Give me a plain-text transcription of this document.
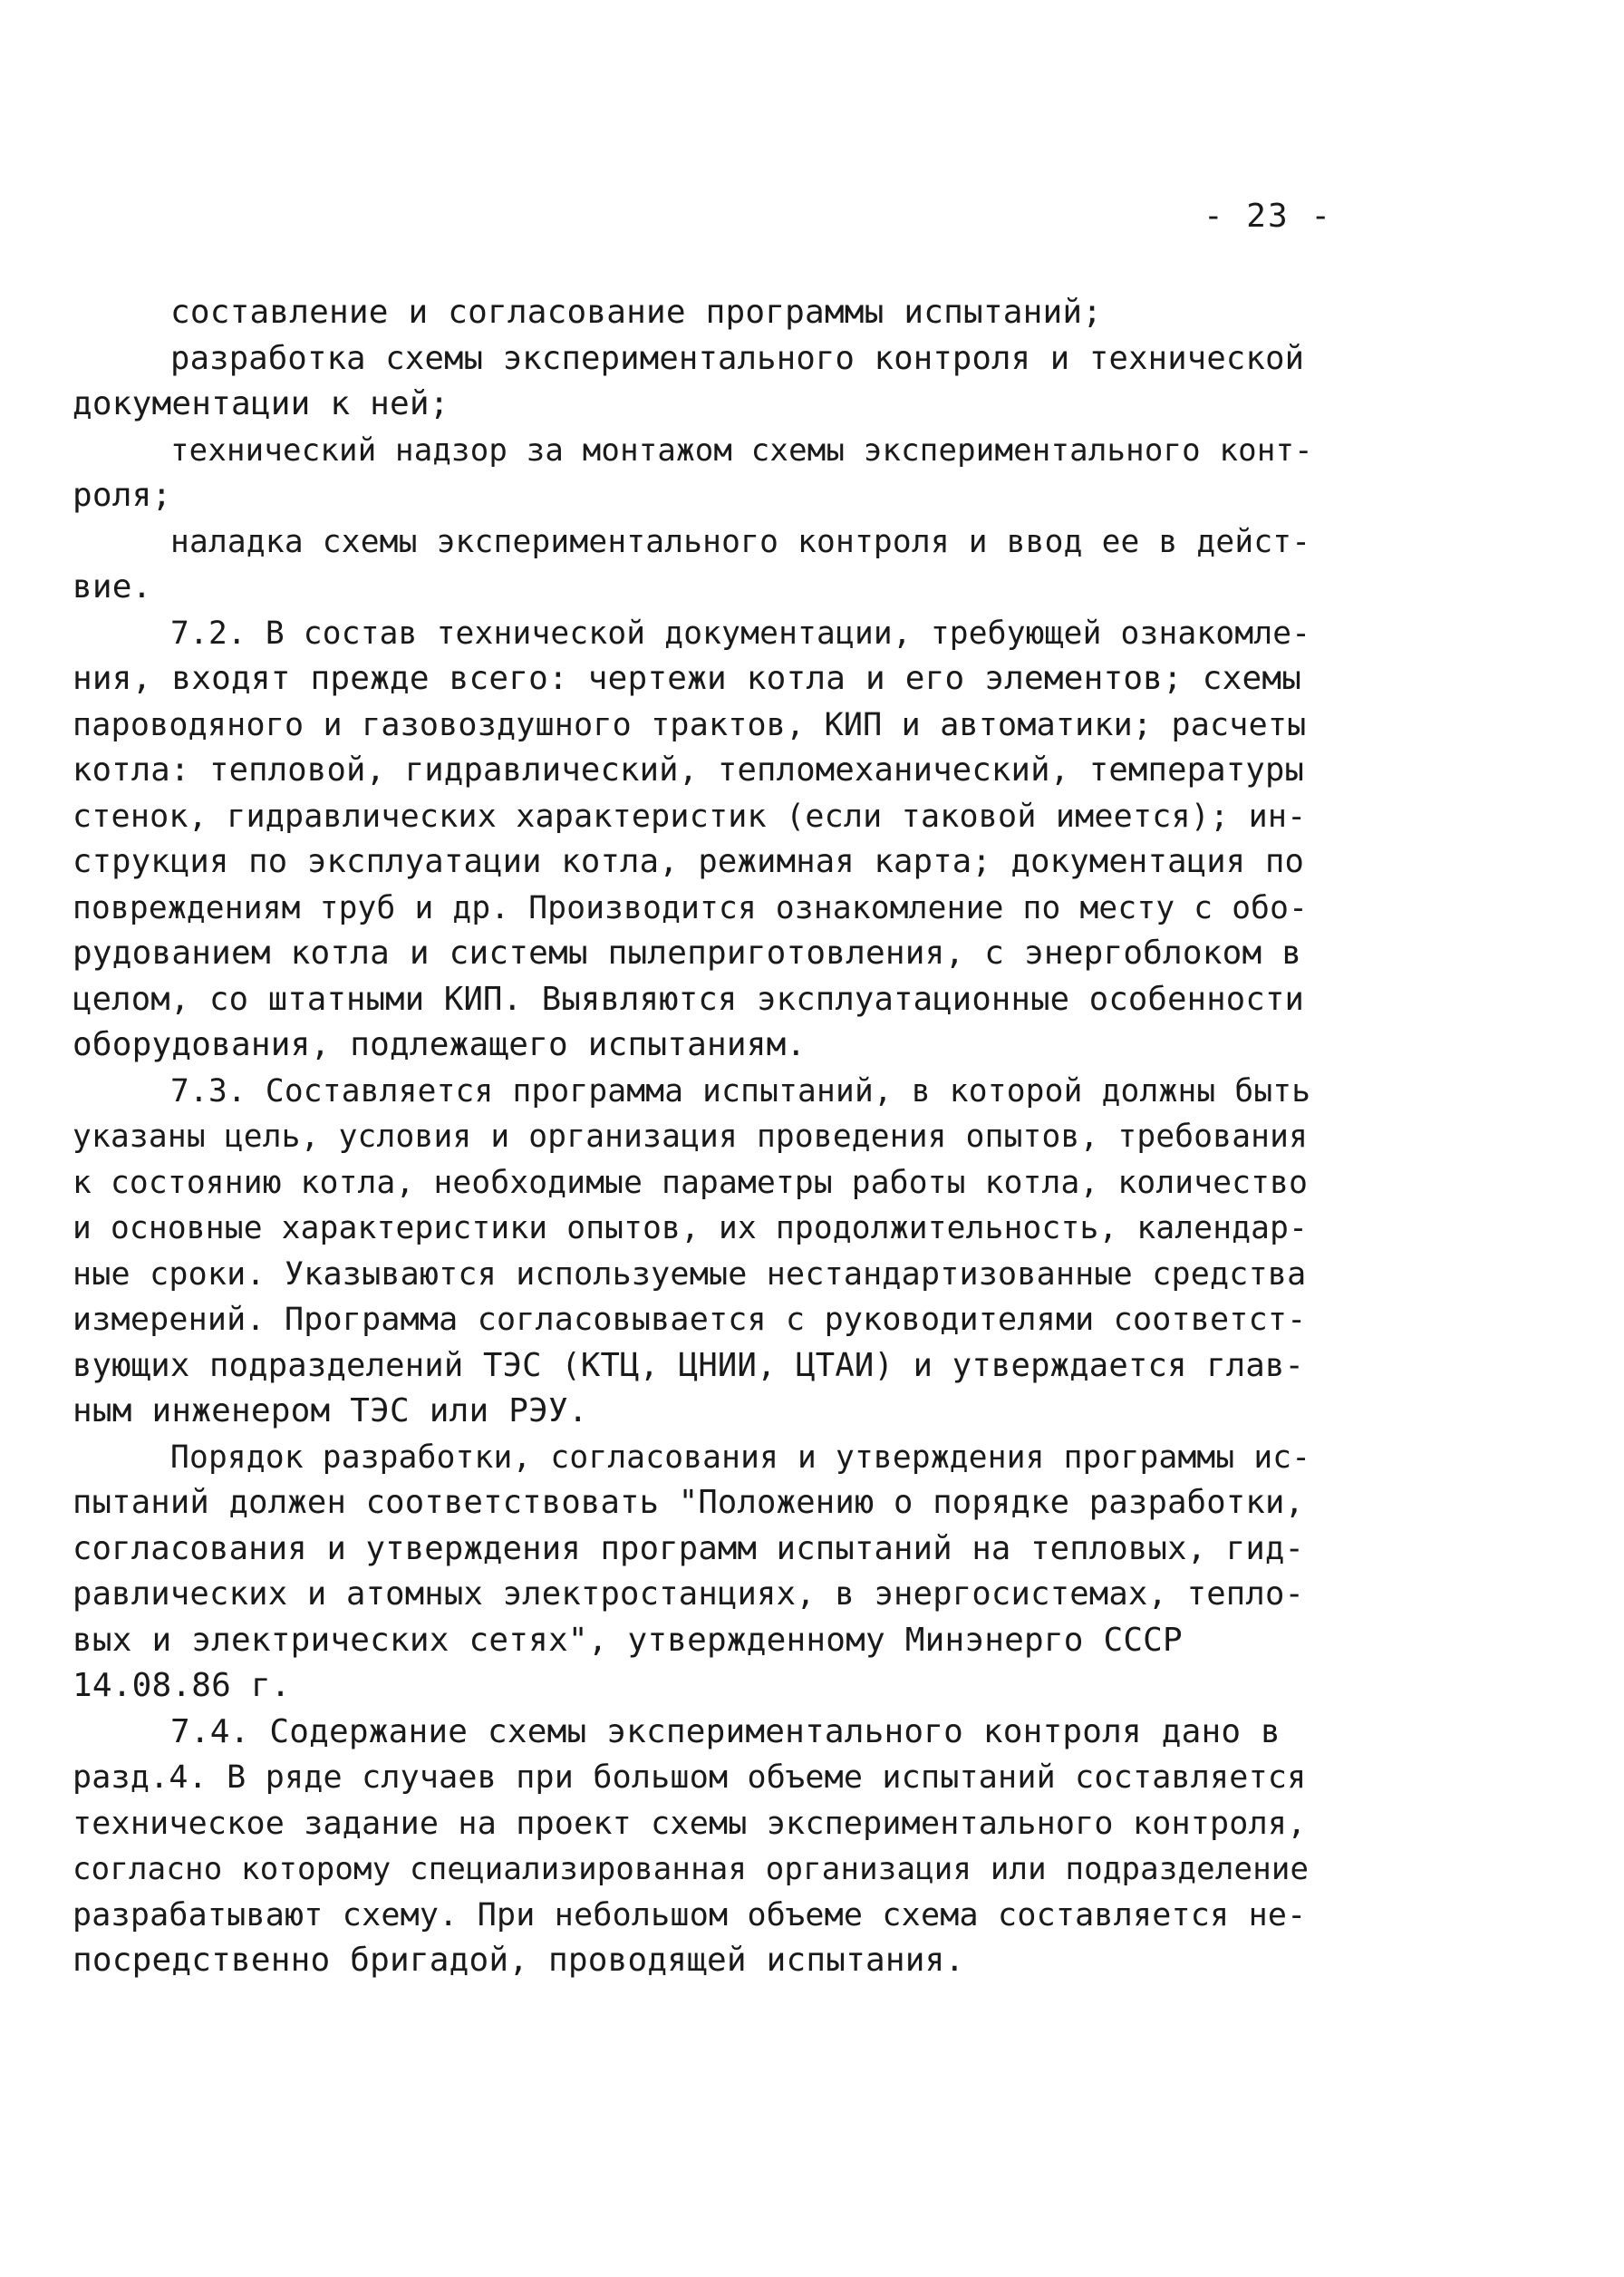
- 23 -
составление и согласование программы испытаний;
разработка схемы экспериментального контроля и технической
документации к ней;
технический надзор за монтажом схемы экспериментального конт-
роля;
наладка схемы экспериментального контроля и ввод ее в дейст-
вие.
7.2. В состав технической документации, требующей ознакомле-
ния, входят прежде всего: чертежи котла и его элементов; схемы
пароводяного и газовоздушного трактов, КИП и автоматики; расчеты
котла: тепловой, гидравлический, тепломеханический, температуры
стенок, гидравлических характеристик (если таковой имеется); ин-
струкция по эксплуатации котла, режимная карта; документация по
повреждениям труб и др. Производится ознакомление по месту с обо-
рудованием котла и системы пылеприготовления, с энергоблоком в
целом, со штатными КИП. Выявляются эксплуатационные особенности
оборудования, подлежащего испытаниям.
7.3. Составляется программа испытаний, в которой должны быть
указаны цель, условия и организация проведения опытов, требования
к состоянию котла, необходимые параметры работы котла, количество
и основные характеристики опытов, их продолжительность, календар-
ные сроки. Указываются используемые нестандартизованные средства
измерений. Программа согласовывается с руководителями соответст-
вующих подразделений ТЭС (КТЦ, ЦНИИ, ЦТАИ) и утверждается глав-
ным инженером ТЭС или РЭУ.
Порядок разработки, согласования и утверждения программы ис-
пытаний должен соответствовать "Положению о порядке разработки,
согласования и утверждения программ испытаний на тепловых, гид-
равлических и атомных электростанциях, в энергосистемах, тепло-
вых и электрических сетях", утвержденному Минэнерго СССР
14.08.86 г.
7.4. Содержание схемы экспериментального контроля дано в
разд.4. В ряде случаев при большом объеме испытаний составляется
техническое задание на проект схемы экспериментального контроля,
согласно которому специализированная организация или подразделение
разрабатывают схему. При небольшом объеме схема составляется не-
посредственно бригадой, проводящей испытания.
